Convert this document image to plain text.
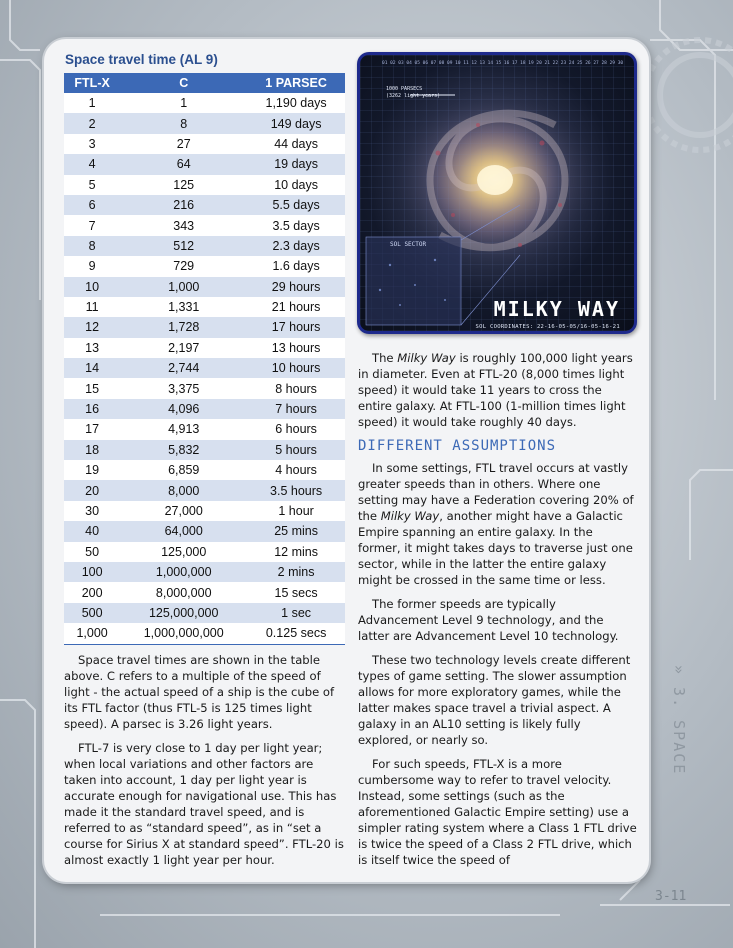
Space travel time (AL 9)
FTL-X	C	1 PARSEC
1	1	1,190 days
2	8	149 days
3	27	44 days
4	64	19 days
5	125	10 days
6	216	5.5 days
7	343	3.5 days
8	512	2.3 days
9	729	1.6 days
10	1,000	29 hours
11	1,331	21 hours
12	1,728	17 hours
13	2,197	13 hours
14	2,744	10 hours
15	3,375	8 hours
16	4,096	7 hours
17	4,913	6 hours
18	5,832	5 hours
19	6,859	4 hours
20	8,000	3.5 hours
30	27,000	1 hour
40	64,000	25 mins
50	125,000	12 mins
100	1,000,000	2 mins
200	8,000,000	15 secs
500	125,000,000	1 sec
1,000	1,000,000,000	0.125 secs

Space travel times are shown in the table above. C refers to a multiple of the speed of light - the actual speed of a ship is the cube of its FTL factor (thus FTL-5 is 125 times light speed). A parsec is 3.26 light years.

FTL-7 is very close to 1 day per light year; when local variations and other factors are taken into account, 1 day per light year is accurate enough for navigational use. This has made it the standard travel speed, and is referred to as “standard speed”, as in “set a course for Sirius X at standard speed”. FTL-20 is almost exactly 1 light year per hour.

01 02 03 04 05 06 07 08 09 10 11 12 13 14 15 16 17 18 19 20 21 22 23 24 25 26 27 28 29 30
1000 PARSECS
(3262 light years)
SOL SECTOR
MILKY WAY
SOL COORDINATES: 22-16-05-05/16-05-16-21

The Milky Way is roughly 100,000 light years in diameter. Even at FTL-20 (8,000 times light speed) it would take 11 years to cross the entire galaxy. At FTL-100 (1-million times light speed) it would take roughly 40 days.

DIFFERENT ASSUMPTIONS

In some settings, FTL travel occurs at vastly greater speeds than in others. Where one setting may have a Federation covering 20% of the Milky Way, another might have a Galactic Empire spanning an entire galaxy. In the former, it might takes days to traverse just one sector, while in the latter the entire galaxy might be crossed in the same time or less.

The former speeds are typically Advancement Level 9 technology, and the latter are Advancement Level 10 technology.

These two technology levels create different types of game setting. The slower assumption allows for more exploratory games, while the latter makes space travel a trivial aspect. A galaxy in an AL10 setting is likely fully explored, or nearly so.

For such speeds, FTL-X is a more cumbersome way to refer to travel velocity. Instead, some settings (such as the aforementioned Galactic Empire setting) use a simpler rating system where a Class 1 FTL drive is twice the speed of a Class 2 FTL drive, which is itself twice the speed of

» 3. SPACE
3-11
